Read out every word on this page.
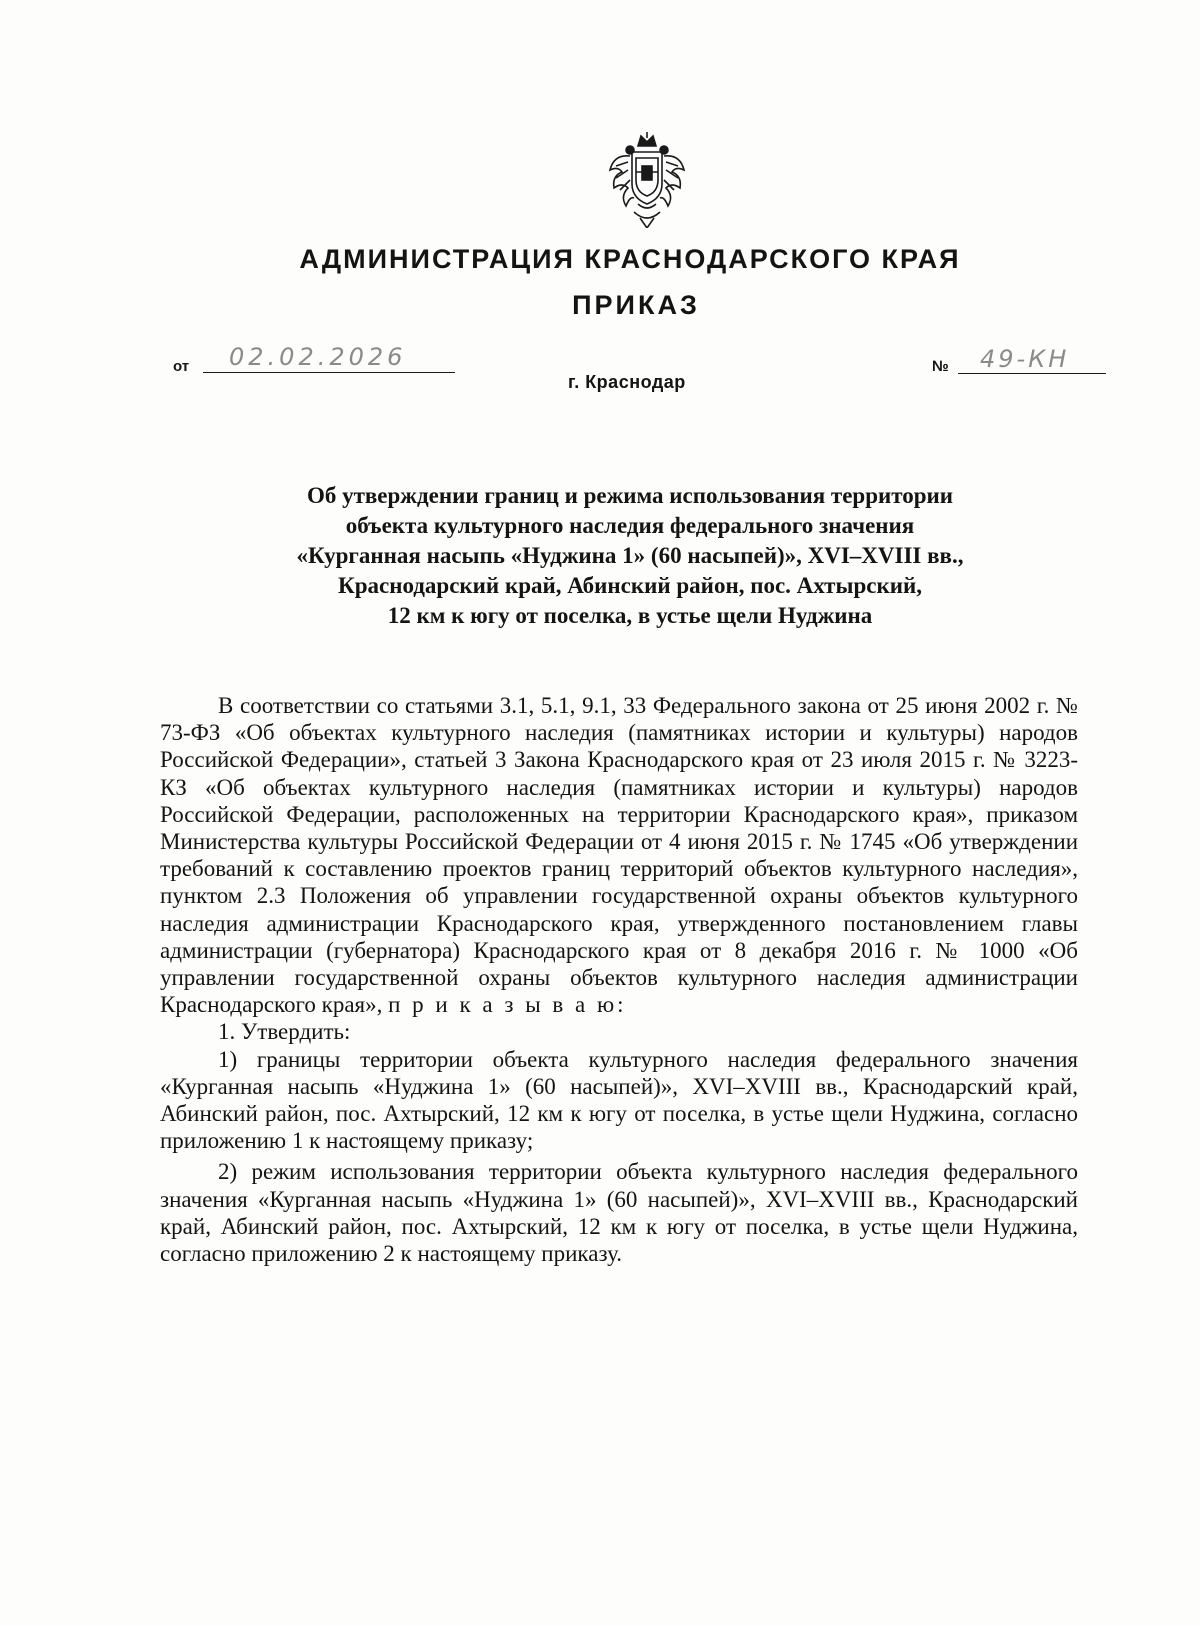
АДМИНИСТРАЦИЯ КРАСНОДАРСКОГО КРАЯ
ПРИКАЗ
от	02.02.2026
г. Краснодар
№	49-КН
Об утверждении границ и режима использования территории
объекта культурного наследия федерального значения
«Курганная насыпь «Нуджина 1» (60 насыпей)», XVI–XVIII вв.,
Краснодарский край, Абинский район, пос. Ахтырский,
12 км к югу от поселка, в устье щели Нуджина

В соответствии со статьями 3.1, 5.1, 9.1, 33 Федерального закона от 25 июня 2002 г. № 73-ФЗ «Об объектах культурного наследия (памятниках истории и культуры) народов Российской Федерации», статьей 3 Закона Краснодарского края от 23 июля 2015 г. № 3223-КЗ «Об объектах культурного наследия (памятниках истории и культуры) народов Российской Федерации, расположенных на территории Краснодарского края», приказом Министерства культуры Российской Федерации от 4 июня 2015 г. № 1745 «Об утверждении требований к составлению проектов границ территорий объектов культурного наследия», пунктом 2.3 Положения об управлении государственной охраны объектов культурного наследия администрации Краснодарского края, утвержденного постановлением главы администрации (губернатора) Краснодарского края от 8 декабря 2016 г. № 1000 «Об управлении государственной охраны объектов культурного наследия администрации Краснодарского края», п р и к а з ы в а ю:

1. Утвердить:

1) границы территории объекта культурного наследия федерального значения «Курганная насыпь «Нуджина 1» (60 насыпей)», XVI–XVIII вв., Краснодарский край, Абинский район, пос. Ахтырский, 12 км к югу от поселка, в устье щели Нуджина, согласно приложению 1 к настоящему приказу;

2) режим использования территории объекта культурного наследия федерального значения «Курганная насыпь «Нуджина 1» (60 насыпей)», XVI–XVIII вв., Краснодарский край, Абинский район, пос. Ахтырский, 12 км к югу от поселка, в устье щели Нуджина, согласно приложению 2 к настоящему приказу.
